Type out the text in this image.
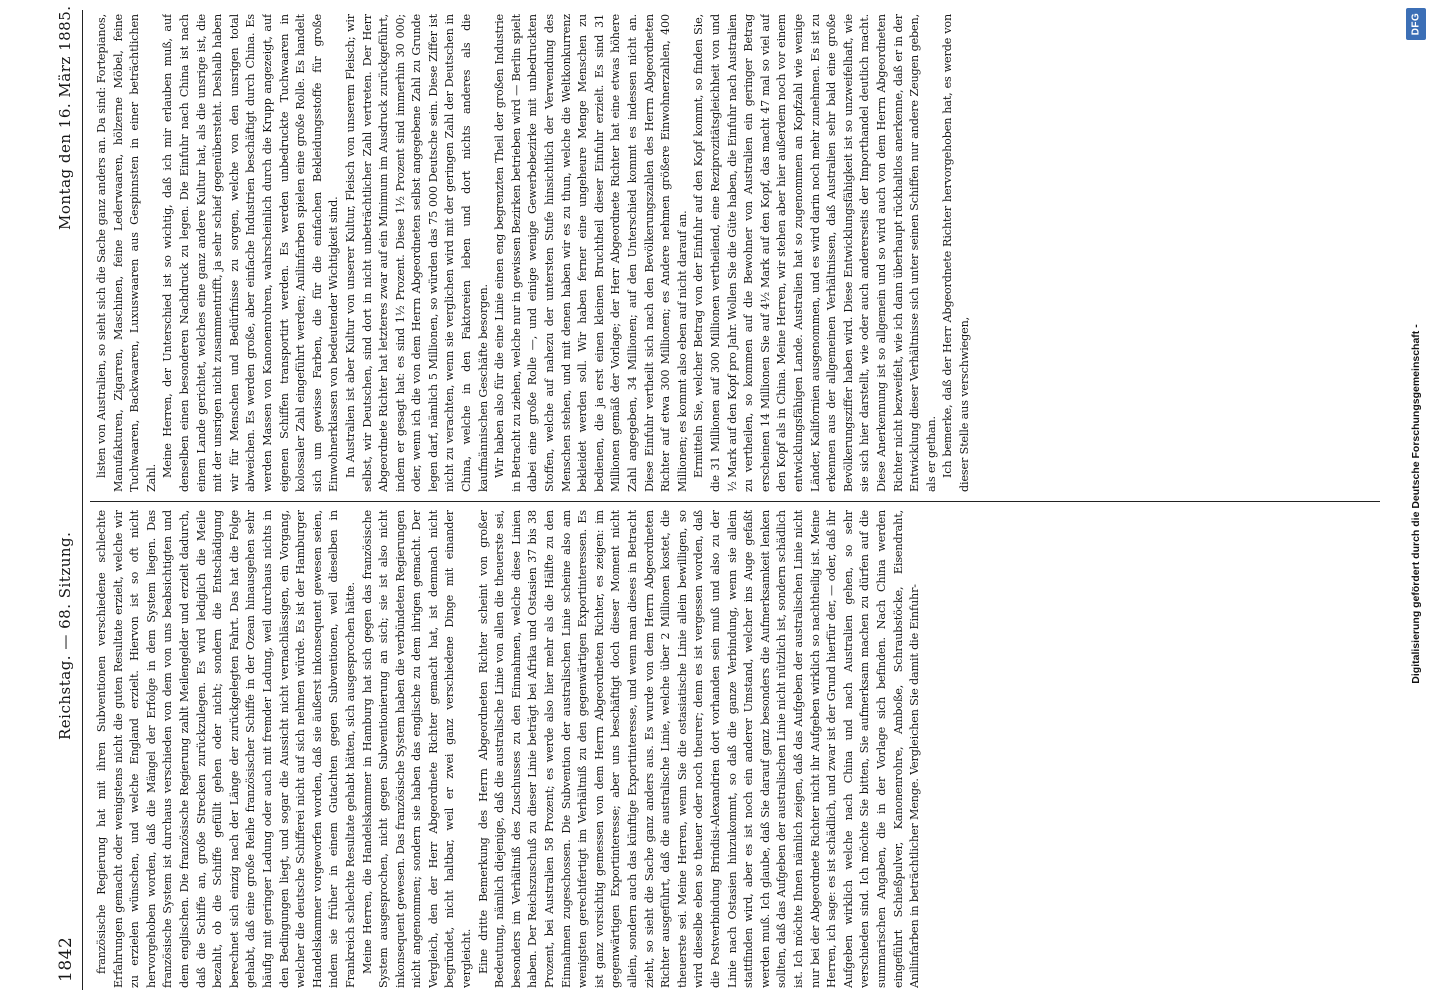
1842
Reichstag. — 68. Sitzung.
Montag den 16. März 1885.

französische Regierung hat mit ihren Subventionen verschiedene schlechte Erfahrungen gemacht oder wenigstens nicht die guten Resultate erzielt, welche wir zu erzielen wünschen, und welche England erzielt. Hiervon ist so oft nicht hervorgehoben worden, daß die Mängel der Erfolge in dem System liegen. Das französische System ist durchaus verschieden von dem von uns beabsichtigten und dem englischen. Die französische Regierung zahlt Meilengelder und erzielt dadurch, daß die Schiffe an, große Strecken zurückzulegen. Es wird lediglich die Meile bezahlt, ob die Schiffe gefüllt gehen oder nicht; sondern die Entschädigung berechnet sich einzig nach der Länge der zurückgelegten Fahrt. Das hat die Folge gehabt, daß eine große Reihe französischer Schiffe in der Ozean hinausgehen sehr häufig mit geringer Ladung oder auch mit fremder Ladung, weil durchaus nichts in den Bedingungen liegt, und sogar die Aussicht nicht vernachlässigen, ein Vorgang, welcher die deutsche Schifferei nicht auf sich nehmen würde. Es ist der Hamburger Handelskammer vorgeworfen worden, daß sie äußerst inkonsequent gewesen seien, indem sie früher in einem Gutachten gegen Subventionen, weil dieselben in Frankreich schlechte Resultate gehabt hätten, sich ausgesprochen hätte. Meine Herren, die Handelskammer in Hamburg hat sich gegen das französische System ausgesprochen, nicht gegen Subventionierung an sich; sie ist also nicht inkonsequent gewesen. Das französische System haben die verbündeten Regierungen nicht angenommen; sondern sie haben das englische zu dem ihrigen gemacht. Der Vergleich, den der Herr Abgeordnete Richter gemacht hat, ist demnach nicht begründet, nicht haltbar, weil er zwei ganz verschiedene Dinge mit einander vergleicht. Eine dritte Bemerkung des Herrn Abgeordneten Richter scheint von großer Bedeutung, nämlich diejenige, daß die australische Linie von allen die theuerste sei, besonders im Verhältniß des Zuschusses zu den Einnahmen, welche diese Linien haben. Der Reichszuschuß zu dieser Linie beträgt bei Afrika und Ostasien 37 bis 38 Prozent, bei Australien 58 Prozent; es werde also hier mehr als die Hälfte zu den Einnahmen zugeschossen. Die Subvention der australischen Linie scheine also am wenigsten gerechtfertigt im Verhältniß zu den gegenwärtigen Exportinteressen. Es ist ganz vorsichtig gemessen von dem Herrn Abgeordneten Richter, es zeigen: im gegenwärtigen Exportinteresse; aber uns beschäftigt doch dieser Moment nicht allein, sondern auch das künftige Exportinteresse, und wenn man dieses in Betracht zieht, so sieht die Sache ganz anders aus. Es wurde von dem Herrn Abgeordneten Richter ausgeführt, daß die australische Linie, welche über 2 Millionen kostet, die theuerste sei. Meine Herren, wenn Sie die ostasiatische Linie allein bewilligen, so wird dieselbe eben so theuer oder noch theurer; denn es ist vergessen worden, daß die Postverbindung Brindisi-Alexandrien dort vorhanden sein muß und also zu der Linie nach Ostasien hinzukommt, so daß die ganze Verbindung, wenn sie allein stattfinden wird, aber es ist noch ein anderer Umstand, welcher ins Auge gefaßt werden muß. Ich glaube, daß Sie darauf ganz besonders die Aufmerksamkeit lenken sollten, daß das Aufgeben der australischen Linie nicht nützlich ist, sondern schädlich ist. Ich möchte Ihnen nämlich zeigen, daß das Aufgeben der australischen Linie nicht nur bei der Abgeordnete Richter nicht ihr Aufgeben wirklich so nachtheilig ist. Meine Herren, ich sage: es ist schädlich, und zwar ist der Grund hierfür der, — oder, daß ihr Aufgeben wirklich welche nach China und nach Australien gehen, so sehr verschieden sind. Ich möchte Sie bitten, Sie aufmerksam machen zu dürfen auf die summarischen Angaben, die in der Vorlage sich befinden. Nach China werden eingeführt Schießpulver, Kanonenrohre, Amboße, Schraubstöcke, Eisendraht, Anilinfarben in beträchtlicher Menge. Vergleichen Sie damit die Einfuhr-

listen von Australien, so sieht sich die Sache ganz anders an. Da sind: Fortepianos, Manufakturen, Zigarren, Maschinen, feine Lederwaaren, hölzerne Möbel, feine Tuchwaaren, Backwaaren, Luxuswaaren aus Gespinnsten in einer beträchtlichen Zahl. Meine Herren, der Unterschied ist so wichtig, daß ich mir erlauben muß, auf denselben einen besonderen Nachdruck zu legen. Die Einfuhr nach China ist nach einem Lande gerichtet, welches eine ganz andere Kultur hat, als die unsrige ist, die mit der unsrigen nicht zusammentrifft, ja sehr schief gegenübersteht. Deshalb haben wir für Menschen und Bedürfnisse zu sorgen, welche von den unsrigen total abweichen. Es werden große, aber einfache Industrien beschäftigt durch China. Es werden Massen von Kanonenrohren, wahrscheinlich durch die Krupp angezeigt, auf eigenen Schiffen transportirt werden. Es werden unbedruckte Tuchwaaren in kolossaler Zahl eingeführt werden; Anilinfarben spielen eine große Rolle. Es handelt sich um gewisse Farben, die für die einfachen Bekleidungsstoffe für große Einwohnerklassen von bedeutender Wichtigkeit sind. In Australien ist aber Kultur von unserer Kultur, Fleisch von unserem Fleisch; wir selbst, wir Deutschen, sind dort in nicht unbeträchtlicher Zahl vertreten. Der Herr Abgeordnete Richter hat letzteres zwar auf ein Minimum im Ausdruck zurückgeführt, indem er gesagt hat: es sind 1½ Prozent. Diese 1½ Prozent sind immerhin 30 000; oder, wenn ich die von dem Herrn Abgeordneten selbst angegebene Zahl zu Grunde legen darf, nämlich 5 Millionen, so würden das 75 000 Deutsche sein. Diese Ziffer ist nicht zu verachten, wenn sie verglichen wird mit der geringen Zahl der Deutschen in China, welche in den Faktoreien leben und dort nichts anderes als die kaufmännischen Geschäfte besorgen. Wir haben also für die eine Linie einen eng begrenzten Theil der großen Industrie in Betracht zu ziehen, welche nur in gewissen Bezirken betrieben wird — Berlin spielt dabei eine große Rolle —, und einige wenige Gewerbebezirke mit unbedruckten Stoffen, welche auf nahezu der untersten Stufe hinsichtlich der Verwendung des Menschen stehen, und mit denen haben wir es zu thun, welche die Weltkonkurrenz bekleidet werden soll. Wir haben ferner eine ungeheure Menge Menschen zu bedienen, die ja erst einen kleinen Bruchtheil dieser Einfuhr erzielt. Es sind 31 Millionen gemäß der Vorlage; der Herr Abgeordnete Richter hat eine etwas höhere Zahl angegeben, 34 Millionen; auf den Unterschied kommt es indessen nicht an. Diese Einfuhr vertheilt sich nach den Bevölkerungszahlen des Herrn Abgeordneten Richter auf etwa 300 Millionen; es Andere nehmen größere Einwohnerzahlen, 400 Millionen; es kommt also eben auf nicht darauf an. Ermitteln Sie, welcher Betrag von der Einfuhr auf den Kopf kommt, so finden Sie, die 31 Millionen auf 300 Millionen vertheilend, eine Reziprozitätsgleichheit von und ½ Mark auf den Kopf pro Jahr. Wollen Sie die Güte haben, die Einfuhr nach Australien zu vertheilen, so kommen auf die Bewohner von Australien ein geringer Betrag erscheinen 14 Millionen Sie auf 4½ Mark auf den Kopf, das macht 47 mal so viel auf den Kopf als in China. Meine Herren, wir stehen aber hier außerdem noch vor einem entwicklungsfähigen Lande. Australien hat so zugenommen an Kopfzahl wie wenige Länder, Kalifornien ausgenommen, und es wird darin noch mehr zunehmen. Es ist zu erkennen aus der allgemeinen Verhältnissen, daß Australien sehr bald eine große Bevölkerungsziffer haben wird. Diese Entwicklungsfähigkeit ist so unzweifelhaft, wie sie sich hier darstellt, wie oder auch andererseits der Importhandel deutlich macht. Diese Anerkennung ist so allgemein und so wird auch von dem Herrn Abgeordneten Richter nicht bezweifelt, wie ich dann überhaupt rückhaltlos anerkenne, daß er in der Entwicklung dieser Verhältnisse sich unter seinen Schiffen nur andere Zeugen geben, als er gethan. Ich bemerke, daß der Herr Abgeordnete Richter hervorgehoben hat, es werde von dieser Stelle aus verschwiegen,

DFG
Digitalisierung gefördert durch die Deutsche Forschungsgemeinschaft -
